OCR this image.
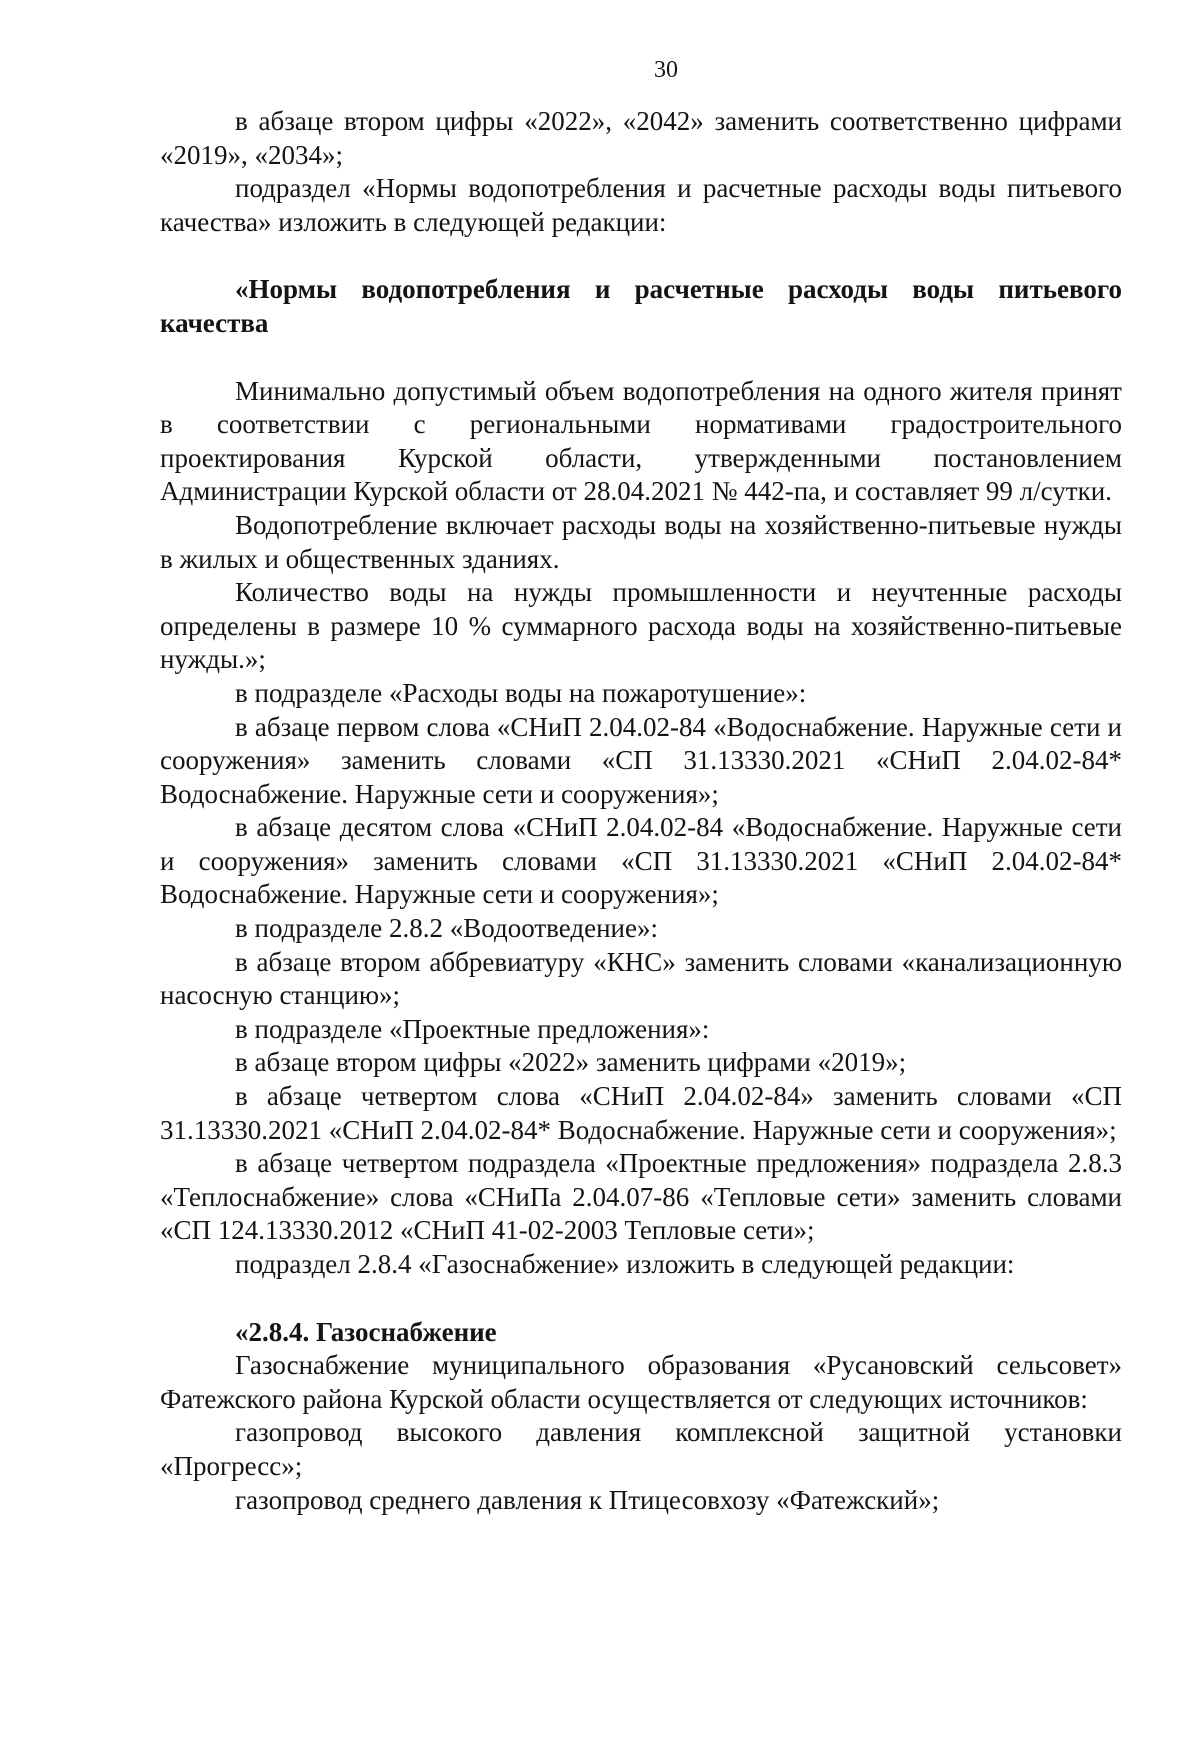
30

в абзаце втором цифры «2022», «2042» заменить соответственно цифрами «2019», «2034»;

подраздел «Нормы водопотребления и расчетные расходы воды питьевого качества» изложить в следующей редакции:

«Нормы водопотребления и расчетные расходы воды питьевого качества

Минимально допустимый объем водопотребления на одного жителя принят в соответствии с региональными нормативами градостроительного проектирования Курской области, утвержденными постановлением Администрации Курской области от 28.04.2021 № 442-па, и составляет 99 л/сутки.

Водопотребление включает расходы воды на хозяйственно-питьевые нужды в жилых и общественных зданиях.

Количество воды на нужды промышленности и неучтенные расходы определены в размере 10 % суммарного расхода воды на хозяйственно-питьевые нужды.»;

в подразделе «Расходы воды на пожаротушение»:

в абзаце первом слова «СНиП 2.04.02-84 «Водоснабжение. Наружные сети и сооружения» заменить словами «СП 31.13330.2021 «СНиП 2.04.02-84* Водоснабжение. Наружные сети и сооружения»;

в абзаце десятом слова «СНиП 2.04.02-84 «Водоснабжение. Наружные сети и сооружения» заменить словами «СП 31.13330.2021 «СНиП 2.04.02-84* Водоснабжение. Наружные сети и сооружения»;

в подразделе 2.8.2 «Водоотведение»:

в абзаце втором аббревиатуру «КНС» заменить словами «канализационную насосную станцию»;

в подразделе «Проектные предложения»:

в абзаце втором цифры «2022» заменить цифрами «2019»;

в абзаце четвертом слова «СНиП 2.04.02-84» заменить словами «СП 31.13330.2021 «СНиП 2.04.02-84* Водоснабжение. Наружные сети и сооружения»;

в абзаце четвертом подраздела «Проектные предложения» подраздела 2.8.3 «Теплоснабжение» слова «СНиПа 2.04.07-86 «Тепловые сети» заменить словами «СП 124.13330.2012 «СНиП 41-02-2003 Тепловые сети»;

подраздел 2.8.4 «Газоснабжение» изложить в следующей редакции:

«2.8.4. Газоснабжение

Газоснабжение муниципального образования «Русановский сельсовет» Фатежского района Курской области осуществляется от следующих источников:

газопровод высокого давления комплексной защитной установки «Прогресс»;

газопровод среднего давления к Птицесовхозу «Фатежский»;
